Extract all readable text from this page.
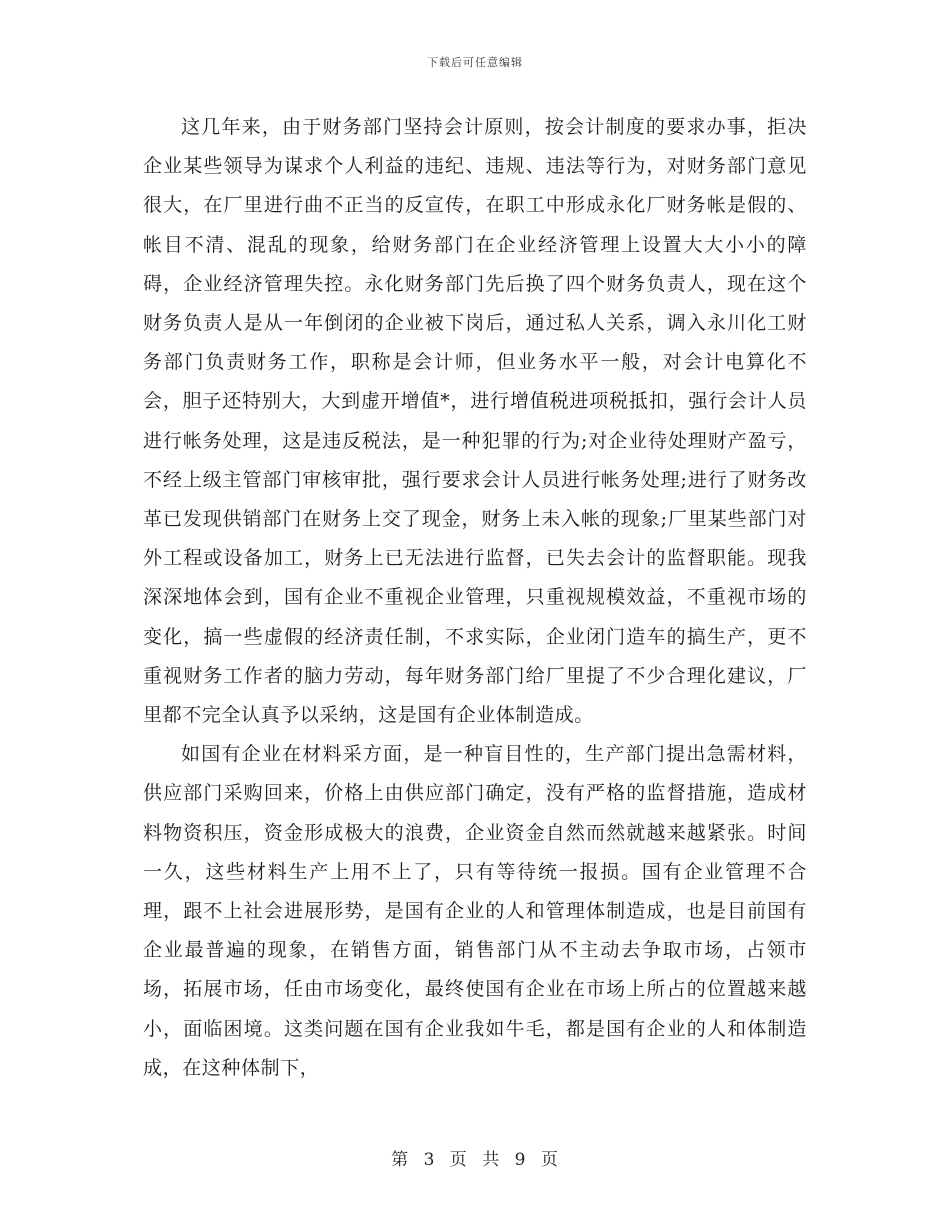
下载后可任意编辑

这几年来，由于财务部门坚持会计原则，按会计制度的要求办事，拒决企业某些领导为谋求个人利益的违纪、违规、违法等行为，对财务部门意见很大，在厂里进行曲不正当的反宣传，在职工中形成永化厂财务帐是假的、帐目不清、混乱的现象，给财务部门在企业经济管理上设置大大小小的障碍，企业经济管理失控。永化财务部门先后换了四个财务负责人，现在这个财务负责人是从一年倒闭的企业被下岗后，通过私人关系，调入永川化工财务部门负责财务工作，职称是会计师，但业务水平一般，对会计电算化不会，胆子还特别大，大到虚开增值*，进行增值税进项税抵扣，强行会计人员进行帐务处理，这是违反税法，是一种犯罪的行为;对企业待处理财产盈亏，不经上级主管部门审核审批，强行要求会计人员进行帐务处理;进行了财务改革已发现供销部门在财务上交了现金，财务上未入帐的现象;厂里某些部门对外工程或设备加工，财务上已无法进行监督，已失去会计的监督职能。现我深深地体会到，国有企业不重视企业管理，只重视规模效益，不重视市场的变化，搞一些虚假的经济责任制，不求实际，企业闭门造车的搞生产，更不重视财务工作者的脑力劳动，每年财务部门给厂里提了不少合理化建议，厂里都不完全认真予以采纳，这是国有企业体制造成。

如国有企业在材料采方面，是一种盲目性的，生产部门提出急需材料，供应部门采购回来，价格上由供应部门确定，没有严格的监督措施，造成材料物资积压，资金形成极大的浪费，企业资金自然而然就越来越紧张。时间一久，这些材料生产上用不上了，只有等待统一报损。国有企业管理不合理，跟不上社会进展形势，是国有企业的人和管理体制造成，也是目前国有企业最普遍的现象，在销售方面，销售部门从不主动去争取市场，占领市场，拓展市场，任由市场变化，最终使国有企业在市场上所占的位置越来越小，面临困境。这类问题在国有企业我如牛毛，都是国有企业的人和体制造成，在这种体制下，

第 3 页 共 9 页
